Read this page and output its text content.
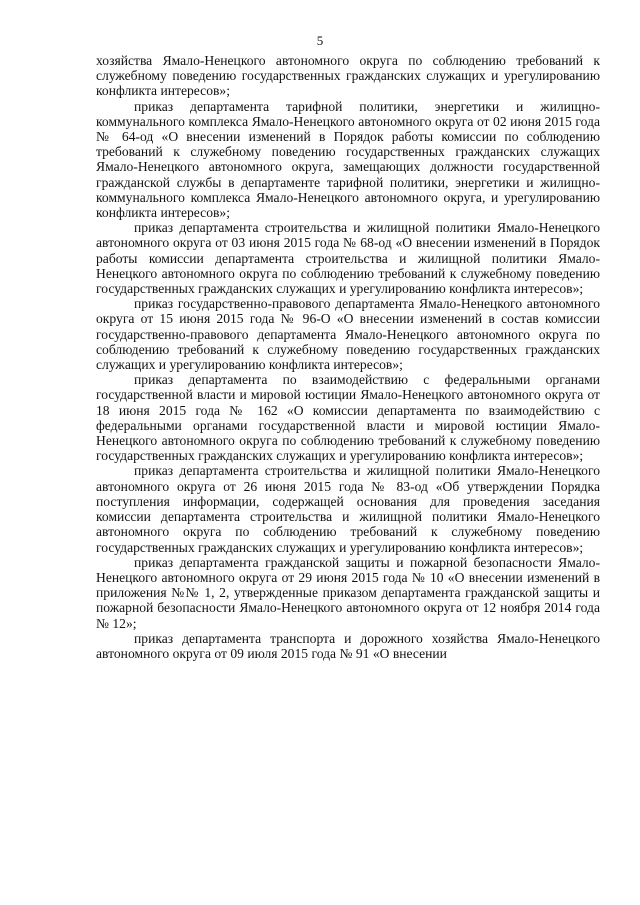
5

хозяйства Ямало-Ненецкого автономного округа по соблюдению требований к служебному поведению государственных гражданских служащих и урегулированию конфликта интересов»;

приказ департамента тарифной политики, энергетики и жилищно-коммунального комплекса Ямало-Ненецкого автономного округа от 02 июня 2015 года № 64-од «О внесении изменений в Порядок работы комиссии по соблюдению требований к служебному поведению государственных гражданских служащих Ямало-Ненецкого автономного округа, замещающих должности государственной гражданской службы в департаменте тарифной политики, энергетики и жилищно-коммунального комплекса Ямало-Ненецкого автономного округа, и урегулированию конфликта интересов»;

приказ департамента строительства и жилищной политики Ямало-Ненецкого автономного округа от 03 июня 2015 года № 68-од «О внесении изменений в Порядок работы комиссии департамента строительства и жилищной политики Ямало-Ненецкого автономного округа по соблюдению требований к служебному поведению государственных гражданских служащих и урегулированию конфликта интересов»;

приказ государственно-правового департамента Ямало-Ненецкого автономного округа от 15 июня 2015 года № 96-О «О внесении изменений в состав комиссии государственно-правового департамента Ямало-Ненецкого автономного округа по соблюдению требований к служебному поведению государственных гражданских служащих и урегулированию конфликта интересов»;

приказ департамента по взаимодействию с федеральными органами государственной власти и мировой юстиции Ямало-Ненецкого автономного округа от 18 июня 2015 года № 162 «О комиссии департамента по взаимодействию с федеральными органами государственной власти и мировой юстиции Ямало-Ненецкого автономного округа по соблюдению требований к служебному поведению государственных гражданских служащих и урегулированию конфликта интересов»;

приказ департамента строительства и жилищной политики Ямало-Ненецкого автономного округа от 26 июня 2015 года № 83-од «Об утверждении Порядка поступления информации, содержащей основания для проведения заседания комиссии департамента строительства и жилищной политики Ямало-Ненецкого автономного округа по соблюдению требований к служебному поведению государственных гражданских служащих и урегулированию конфликта интересов»;

приказ департамента гражданской защиты и пожарной безопасности Ямало-Ненецкого автономного округа от 29 июня 2015 года № 10 «О внесении изменений в приложения №№ 1, 2, утвержденные приказом департамента гражданской защиты и пожарной безопасности Ямало-Ненецкого автономного округа от 12 ноября 2014 года № 12»;

приказ департамента транспорта и дорожного хозяйства Ямало-Ненецкого автономного округа от 09 июля 2015 года № 91 «О внесении
